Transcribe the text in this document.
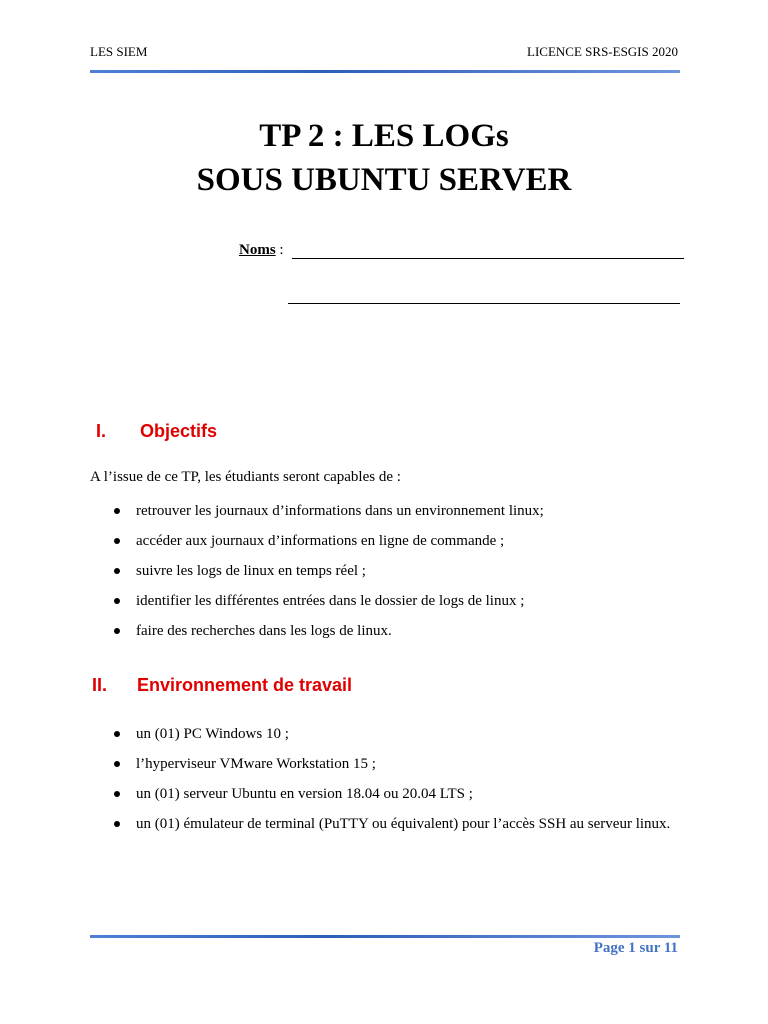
LES SIEM	LICENCE SRS-ESGIS 2020
TP 2 : LES LOGs
SOUS UBUNTU SERVER
Noms :
I. Objectifs
A l’issue de ce TP, les étudiants seront capables de :
retrouver les journaux d’informations dans un environnement linux;
accéder aux journaux d’informations en ligne de commande ;
suivre les logs de linux en temps réel ;
identifier les différentes entrées dans le dossier de logs de linux ;
faire des recherches dans les logs de linux.
II. Environnement de travail
un (01) PC Windows 10 ;
l’hyperviseur VMware Workstation 15 ;
un (01) serveur Ubuntu en version 18.04 ou 20.04 LTS ;
un (01) émulateur de terminal (PuTTY ou équivalent) pour l’accès SSH au serveur linux.
Page 1 sur 11
